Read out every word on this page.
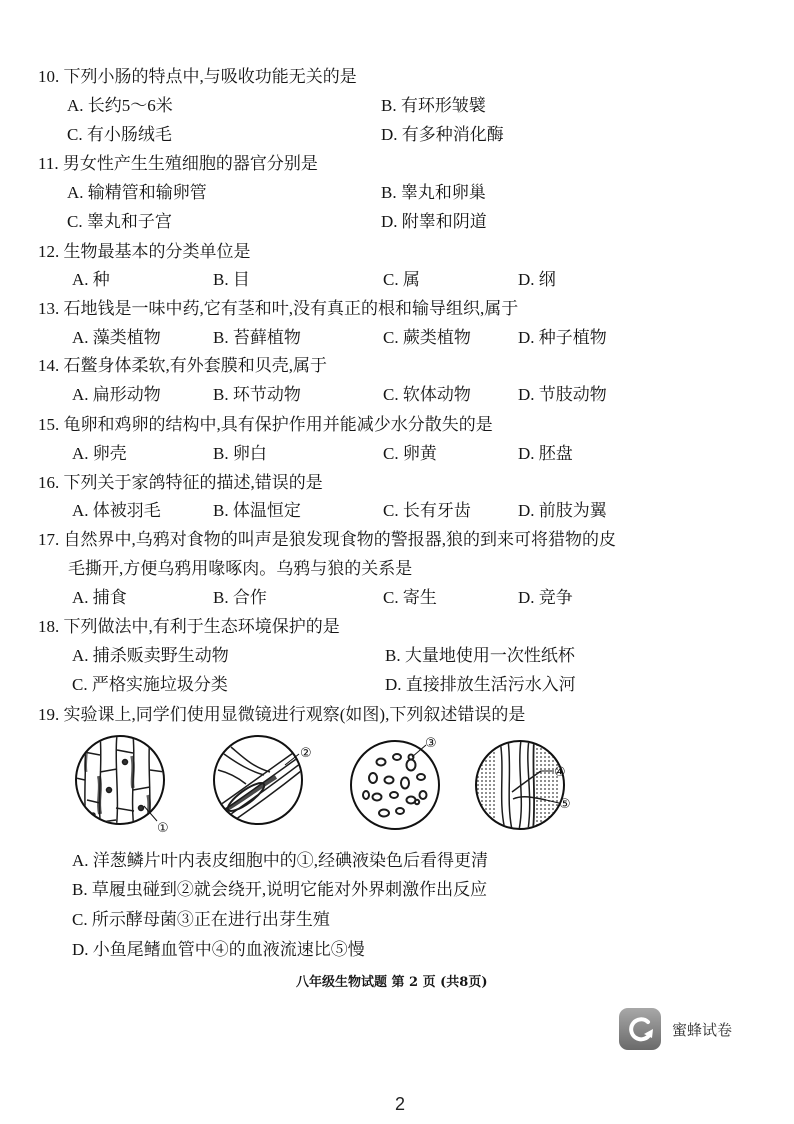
10. 下列小肠的特点中,与吸收功能无关的是
A. 长约5～6米	B. 有环形皱襞
C. 有小肠绒毛	D. 有多种消化酶
11. 男女性产生生殖细胞的器官分别是
A. 输精管和输卵管	B. 睾丸和卵巢
C. 睾丸和子宫	D. 附睾和阴道
12. 生物最基本的分类单位是
A. 种	B. 目	C. 属	D. 纲
13. 石地钱是一味中药,它有茎和叶,没有真正的根和输导组织,属于
A. 藻类植物	B. 苔藓植物	C. 蕨类植物	D. 种子植物
14. 石鳖身体柔软,有外套膜和贝壳,属于
A. 扁形动物	B. 环节动物	C. 软体动物	D. 节肢动物
15. 龟卵和鸡卵的结构中,具有保护作用并能减少水分散失的是
A. 卵壳	B. 卵白	C. 卵黄	D. 胚盘
16. 下列关于家鸽特征的描述,错误的是
A. 体被羽毛	B. 体温恒定	C. 长有牙齿	D. 前肢为翼
17. 自然界中,乌鸦对食物的叫声是狼发现食物的警报器,狼的到来可将猎物的皮
毛撕开,方便乌鸦用喙啄肉。乌鸦与狼的关系是
A. 捕食	B. 合作	C. 寄生	D. 竞争
18. 下列做法中,有利于生态环境保护的是
A. 捕杀贩卖野生动物	B. 大量地使用一次性纸杯
C. 严格实施垃圾分类	D. 直接排放生活污水入河
19. 实验课上,同学们使用显微镜进行观察(如图),下列叙述错误的是
①
②
③
④
⑤
A. 洋葱鳞片叶内表皮细胞中的①,经碘液染色后看得更清
B. 草履虫碰到②就会绕开,说明它能对外界刺激作出反应
C. 所示酵母菌③正在进行出芽生殖
D. 小鱼尾鳍血管中④的血液流速比⑤慢
八年级生物试题 第 2 页 (共8页)
蜜蜂试卷
2
